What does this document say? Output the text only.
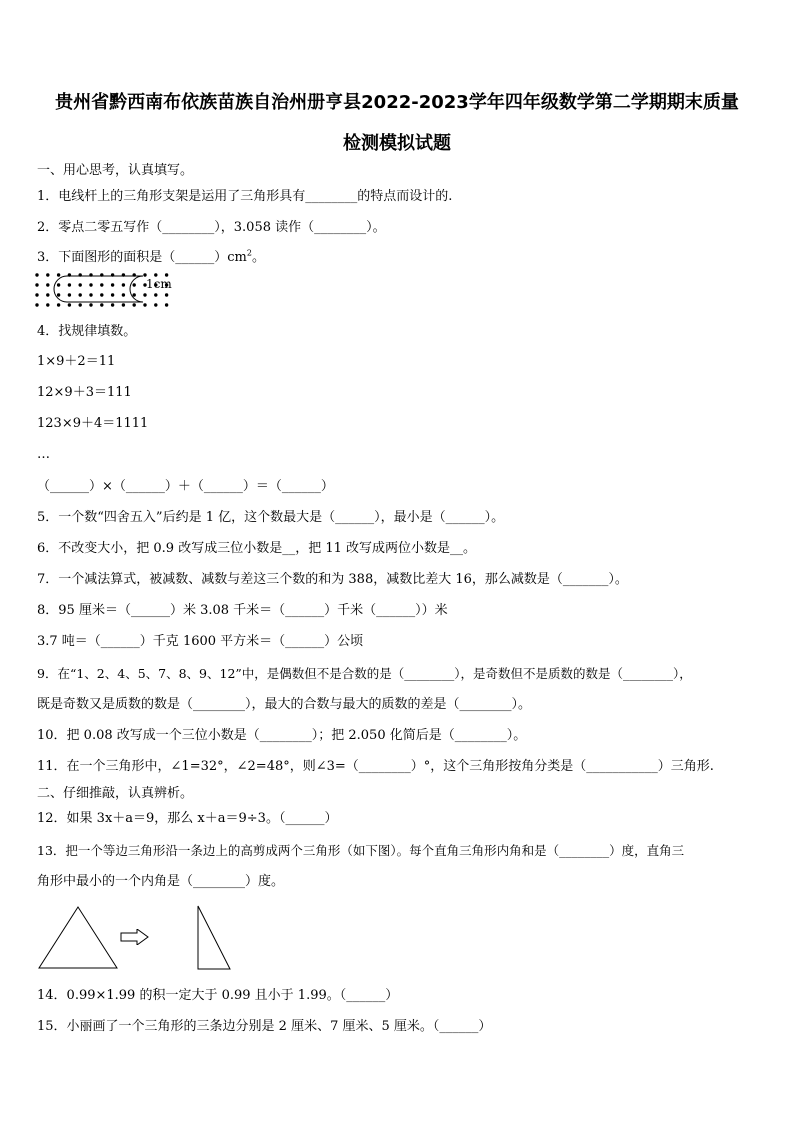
贵州省黔西南布依族苗族自治州册亨县2022-2023学年四年级数学第二学期期末质量
检测模拟试题
一、用心思考，认真填写。
1．电线杆上的三角形支架是运用了三角形具有________的特点而设计的.
2．零点二零五写作（________），3.058 读作（________）。
3．下面图形的面积是$(\_\_\_\_\_\_)cm^2$。
1cm
4．找规律填数。
1×9＋2＝11
12×9＋3＝111
123×9＋4＝1111
…
（______）×（______）＋（______）＝（______）
5．一个数“四舍五入”后约是 1 亿，这个数最大是（______），最小是（______）。
6．不改变大小，把 0.9 改写成三位小数是__，把 11 改写成两位小数是__。
7．一个减法算式，被减数、减数与差这三个数的和为 388，减数比差大 16，那么减数是（_______）。
8．95 厘米＝（______）米 3.08 千米＝（______）千米（______））米
3.7 吨＝（______）千克 1600 平方米＝（______）公顷
9．在“1、2、4、5、7、8、9、12”中，是偶数但不是合数的是（________），是奇数但不是质数的数是（________），
既是奇数又是质数的数是（________），最大的合数与最大的质数的差是（________）。
10．把 0.08 改写成一个三位小数是（________）；把 2.050 化简后是（________）。
11．在一个三角形中，∠1=32°，∠2=48°，则∠3=（________）°，这个三角形按角分类是（___________）三角形.
二、仔细推敲，认真辨析。
12．如果 3x＋a＝9，那么 x＋a＝9÷3。（______）
13．把一个等边三角形沿一条边上的高剪成两个三角形（如下图）。每个直角三角形内角和是（________）度，直角三
角形中最小的一个内角是（________）度。
14．0.99×1.99 的积一定大于 0.99 且小于 1.99。（______）
15．小丽画了一个三角形的三条边分别是 2 厘米、7 厘米、5 厘米。（______）
